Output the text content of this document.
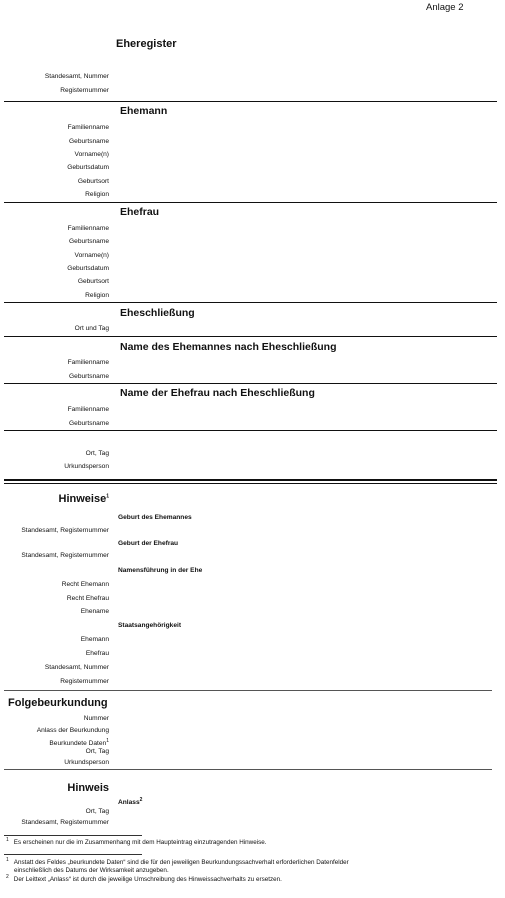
Anlage 2
Eheregister
Standesamt, Nummer
Registernummer
Ehemann
Familienname
Geburtsname
Vorname(n)
Geburtsdatum
Geburtsort
Religion
Ehefrau
Familienname
Geburtsname
Vorname(n)
Geburtsdatum
Geburtsort
Religion
Eheschließung
Ort und Tag
Name des Ehemannes nach Eheschließung
Familienname
Geburtsname
Name der Ehefrau nach Eheschließung
Familienname
Geburtsname
Ort, Tag
Urkundsperson
Hinweise$^1$
Geburt des Ehemannes
Standesamt, Registernummer
Geburt der Ehefrau
Standesamt, Registernummer
Namensführung in der Ehe
Recht Ehemann
Recht Ehefrau
Ehename
Staatsangehörigkeit
Ehemann
Ehefrau
Standesamt, Nummer
Registernummer
Folgebeurkundung
Nummer
Anlass der Beurkundung
Beurkundete Daten$^1$
Ort, Tag
Urkundsperson
Hinweis
Anlass$^2$
Ort, Tag
Standesamt, Registernummer
$^1$ Es erscheinen nur die im Zusammenhang mit dem Haupteintrag einzutragenden Hinweise.
$^1$ Anstatt des Feldes „beurkundete Daten“ sind die für den jeweiligen Beurkundungssachverhalt erforderlichen Datenfelder
einschließlich des Datums der Wirksamkeit anzugeben.
$^2$ Der Leittext „Anlass“ ist durch die jeweilige Umschreibung des Hinweissachverhalts zu ersetzen.
